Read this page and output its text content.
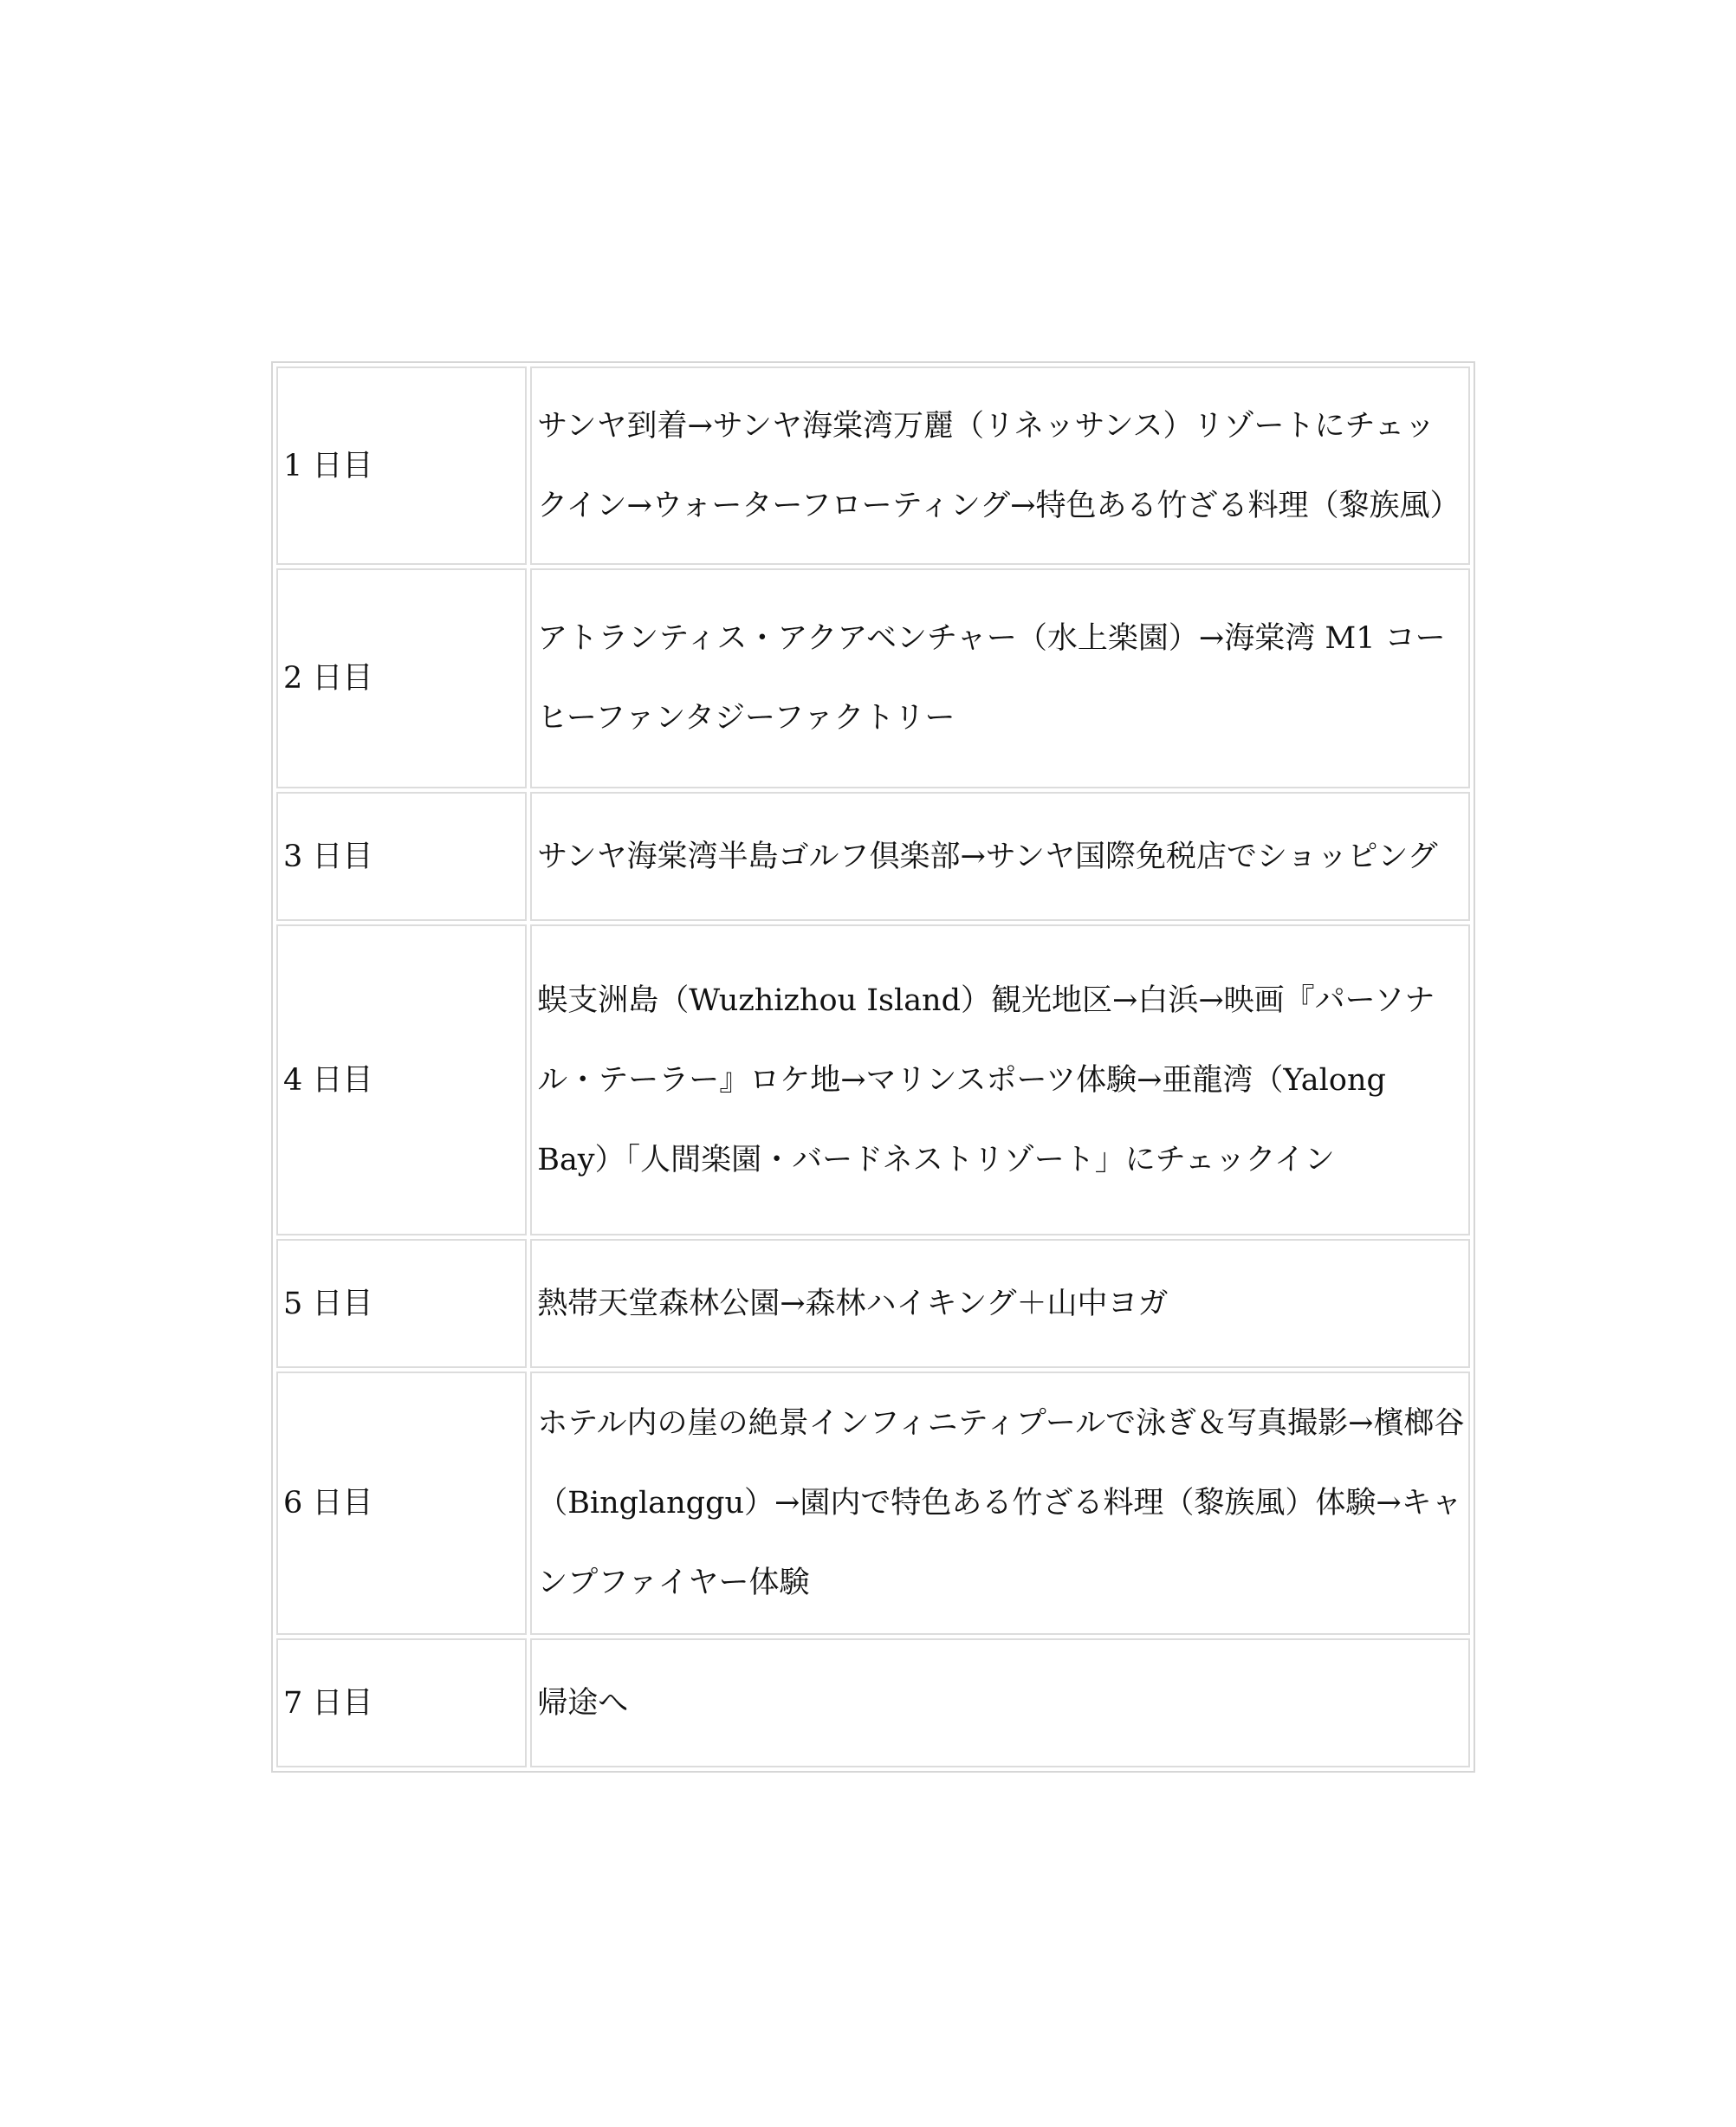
1 日目	サンヤ到着→サンヤ海棠湾万麗（リネッサンス）リゾートにチェックイン→ウォーターフローティング→特色ある竹ざる料理（黎族風）
2 日目	アトランティス・アクアベンチャー（水上楽園）→海棠湾 M1 コーヒーファンタジーファクトリー
3 日目	サンヤ海棠湾半島ゴルフ倶楽部→サンヤ国際免税店でショッピング
4 日目	蜈支洲島（Wuzhizhou Island）観光地区→白浜→映画『パーソナル・テーラー』ロケ地→マリンスポーツ体験→亜龍湾（Yalong Bay）「人間楽園・バードネストリゾート」にチェックイン
5 日目	熱帯天堂森林公園→森林ハイキング＋山中ヨガ
6 日目	ホテル内の崖の絶景インフィニティプールで泳ぎ＆写真撮影→檳榔谷（Binglanggu）→園内で特色ある竹ざる料理（黎族風）体験→キャンプファイヤー体験
7 日目	帰途へ
